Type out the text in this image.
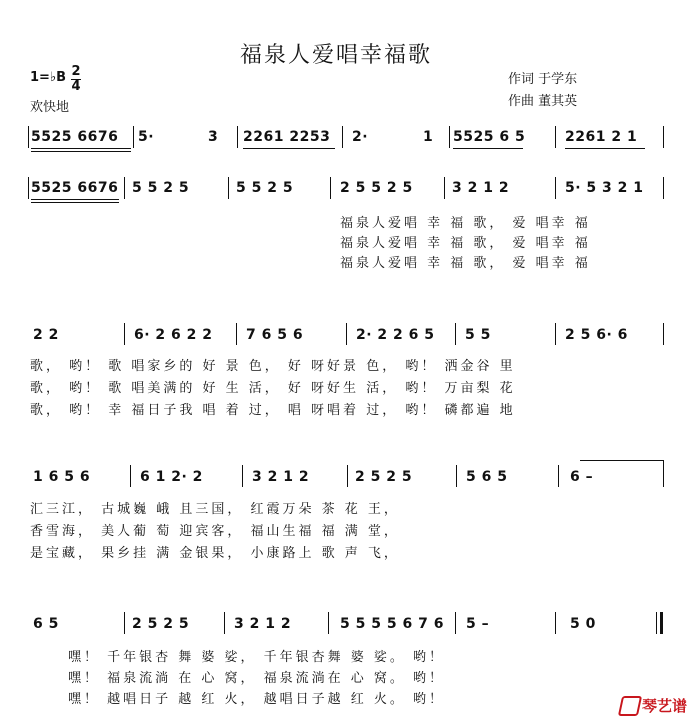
福泉人爱唱幸福歌
1=♭B 2
4
欢快地
作词 于学东
作曲 董其英
5525 6676 5·	3 2261 2253 2·	1 5525 6 5	2261 2 1
5525 6676 5 5 2 5	5 5 2 5	2 5 5 2 5	3 2 1 2	5· 5 3 2 1
福泉人爱唱 幸 福 歌， 爱 唱幸 福
福泉人爱唱 幸 福 歌， 爱 唱幸 福
福泉人爱唱 幸 福 歌， 爱 唱幸 福
2 2	6· 2 6 2 2 7 6 5 6	2· 2 2 6 5 5 5	2 5 6· 6
歌， 哟！ 歌 唱家乡的 好 景 色， 好 呀好景 色， 哟！ 洒金谷 里
歌， 哟！ 歌 唱美满的 好 生 活， 好 呀好生 活， 哟！ 万亩梨 花
歌， 哟！ 幸 福日子我 唱 着 过， 唱 呀唱着 过， 哟！ 磷都遍 地
1 6 5 6	6 1 2· 2	3 2 1 2	2 5 2 5	5 6 5	6 –
汇三江， 古城巍 峨 且三国， 红霞万朵 茶 花 王，
香雪海， 美人葡 萄 迎宾客， 福山生福 福 满 堂，
是宝藏， 果乡挂 满 金银果， 小康路上 歌 声 飞，
6 5	2 5 2 5	3 2 1 2	5 5 5 5 6 7 6 5 –	5 0
嘿！ 千年银杏 舞 婆 娑， 千年银杏舞 婆 娑。 哟！
嘿！ 福泉流淌 在 心 窝， 福泉流淌在 心 窝。 哟！
嘿！ 越唱日子 越 红 火， 越唱日子越 红 火。 哟！	琴艺谱
